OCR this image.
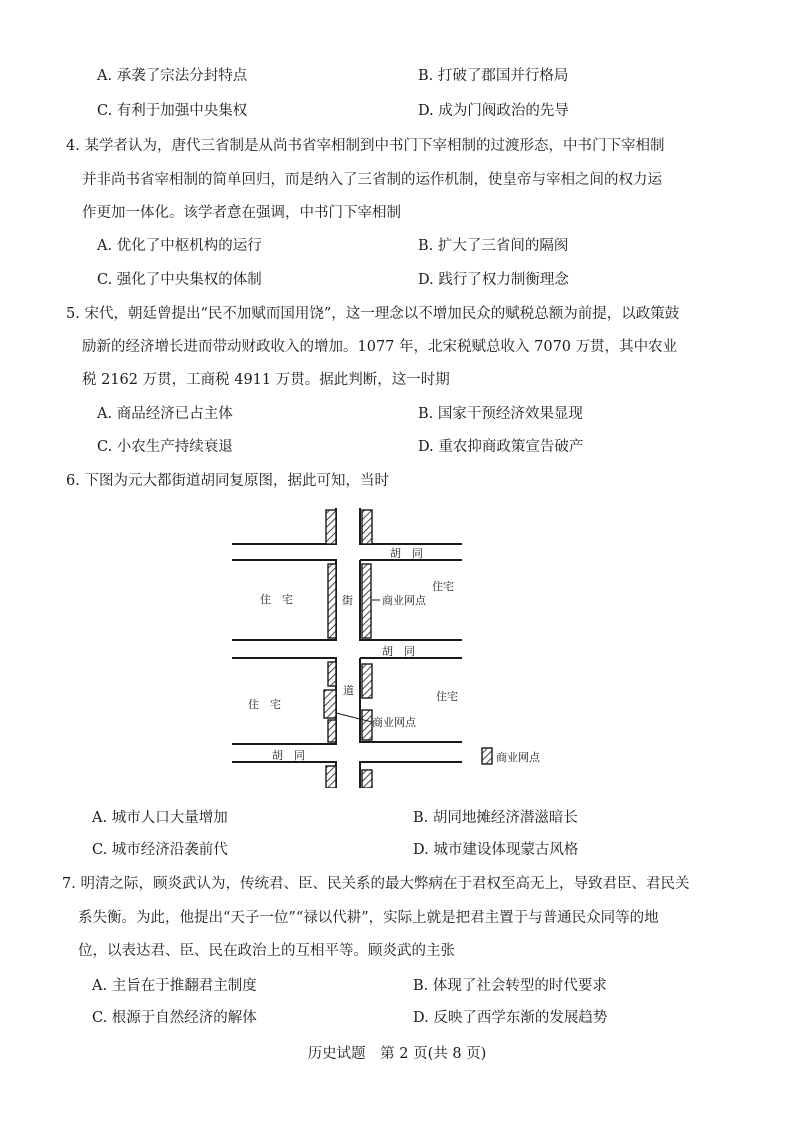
A. 承袭了宗法分封特点	B. 打破了郡国并行格局
C. 有利于加强中央集权	D. 成为门阀政治的先导
4. 某学者认为，唐代三省制是从尚书省宰相制到中书门下宰相制的过渡形态，中书门下宰相制
并非尚书省宰相制的简单回归，而是纳入了三省制的运作机制，使皇帝与宰相之间的权力运
作更加一体化。该学者意在强调，中书门下宰相制
A. 优化了中枢机构的运行	B. 扩大了三省间的隔阂
C. 强化了中央集权的体制	D. 践行了权力制衡理念
5. 宋代，朝廷曾提出“民不加赋而国用饶”，这一理念以不增加民众的赋税总额为前提，以政策鼓
励新的经济增长进而带动财政收入的增加。1077 年，北宋税赋总收入 7070 万贯，其中农业
税 2162 万贯，工商税 4911 万贯。据此判断，这一时期
A. 商品经济已占主体	B. 国家干预经济效果显现
C. 小农生产持续衰退	D. 重农抑商政策宣告破产
6. 下图为元大都街道胡同复原图，据此可知，当时
胡　同
胡　同
胡　同
住　宅
住宅
住　宅
住宅
街
道
商业网点
商业网点
商业网点
A. 城市人口大量增加	B. 胡同地摊经济潜滋暗长
C. 城市经济沿袭前代	D. 城市建设体现蒙古风格
7. 明清之际，顾炎武认为，传统君、臣、民关系的最大弊病在于君权至高无上，导致君臣、君民关
系失衡。为此，他提出“天子一位”“禄以代耕”，实际上就是把君主置于与普通民众同等的地
位，以表达君、臣、民在政治上的互相平等。顾炎武的主张
A. 主旨在于推翻君主制度	B. 体现了社会转型的时代要求
C. 根源于自然经济的解体	D. 反映了西学东渐的发展趋势
历史试题　第 2 页(共 8 页)
